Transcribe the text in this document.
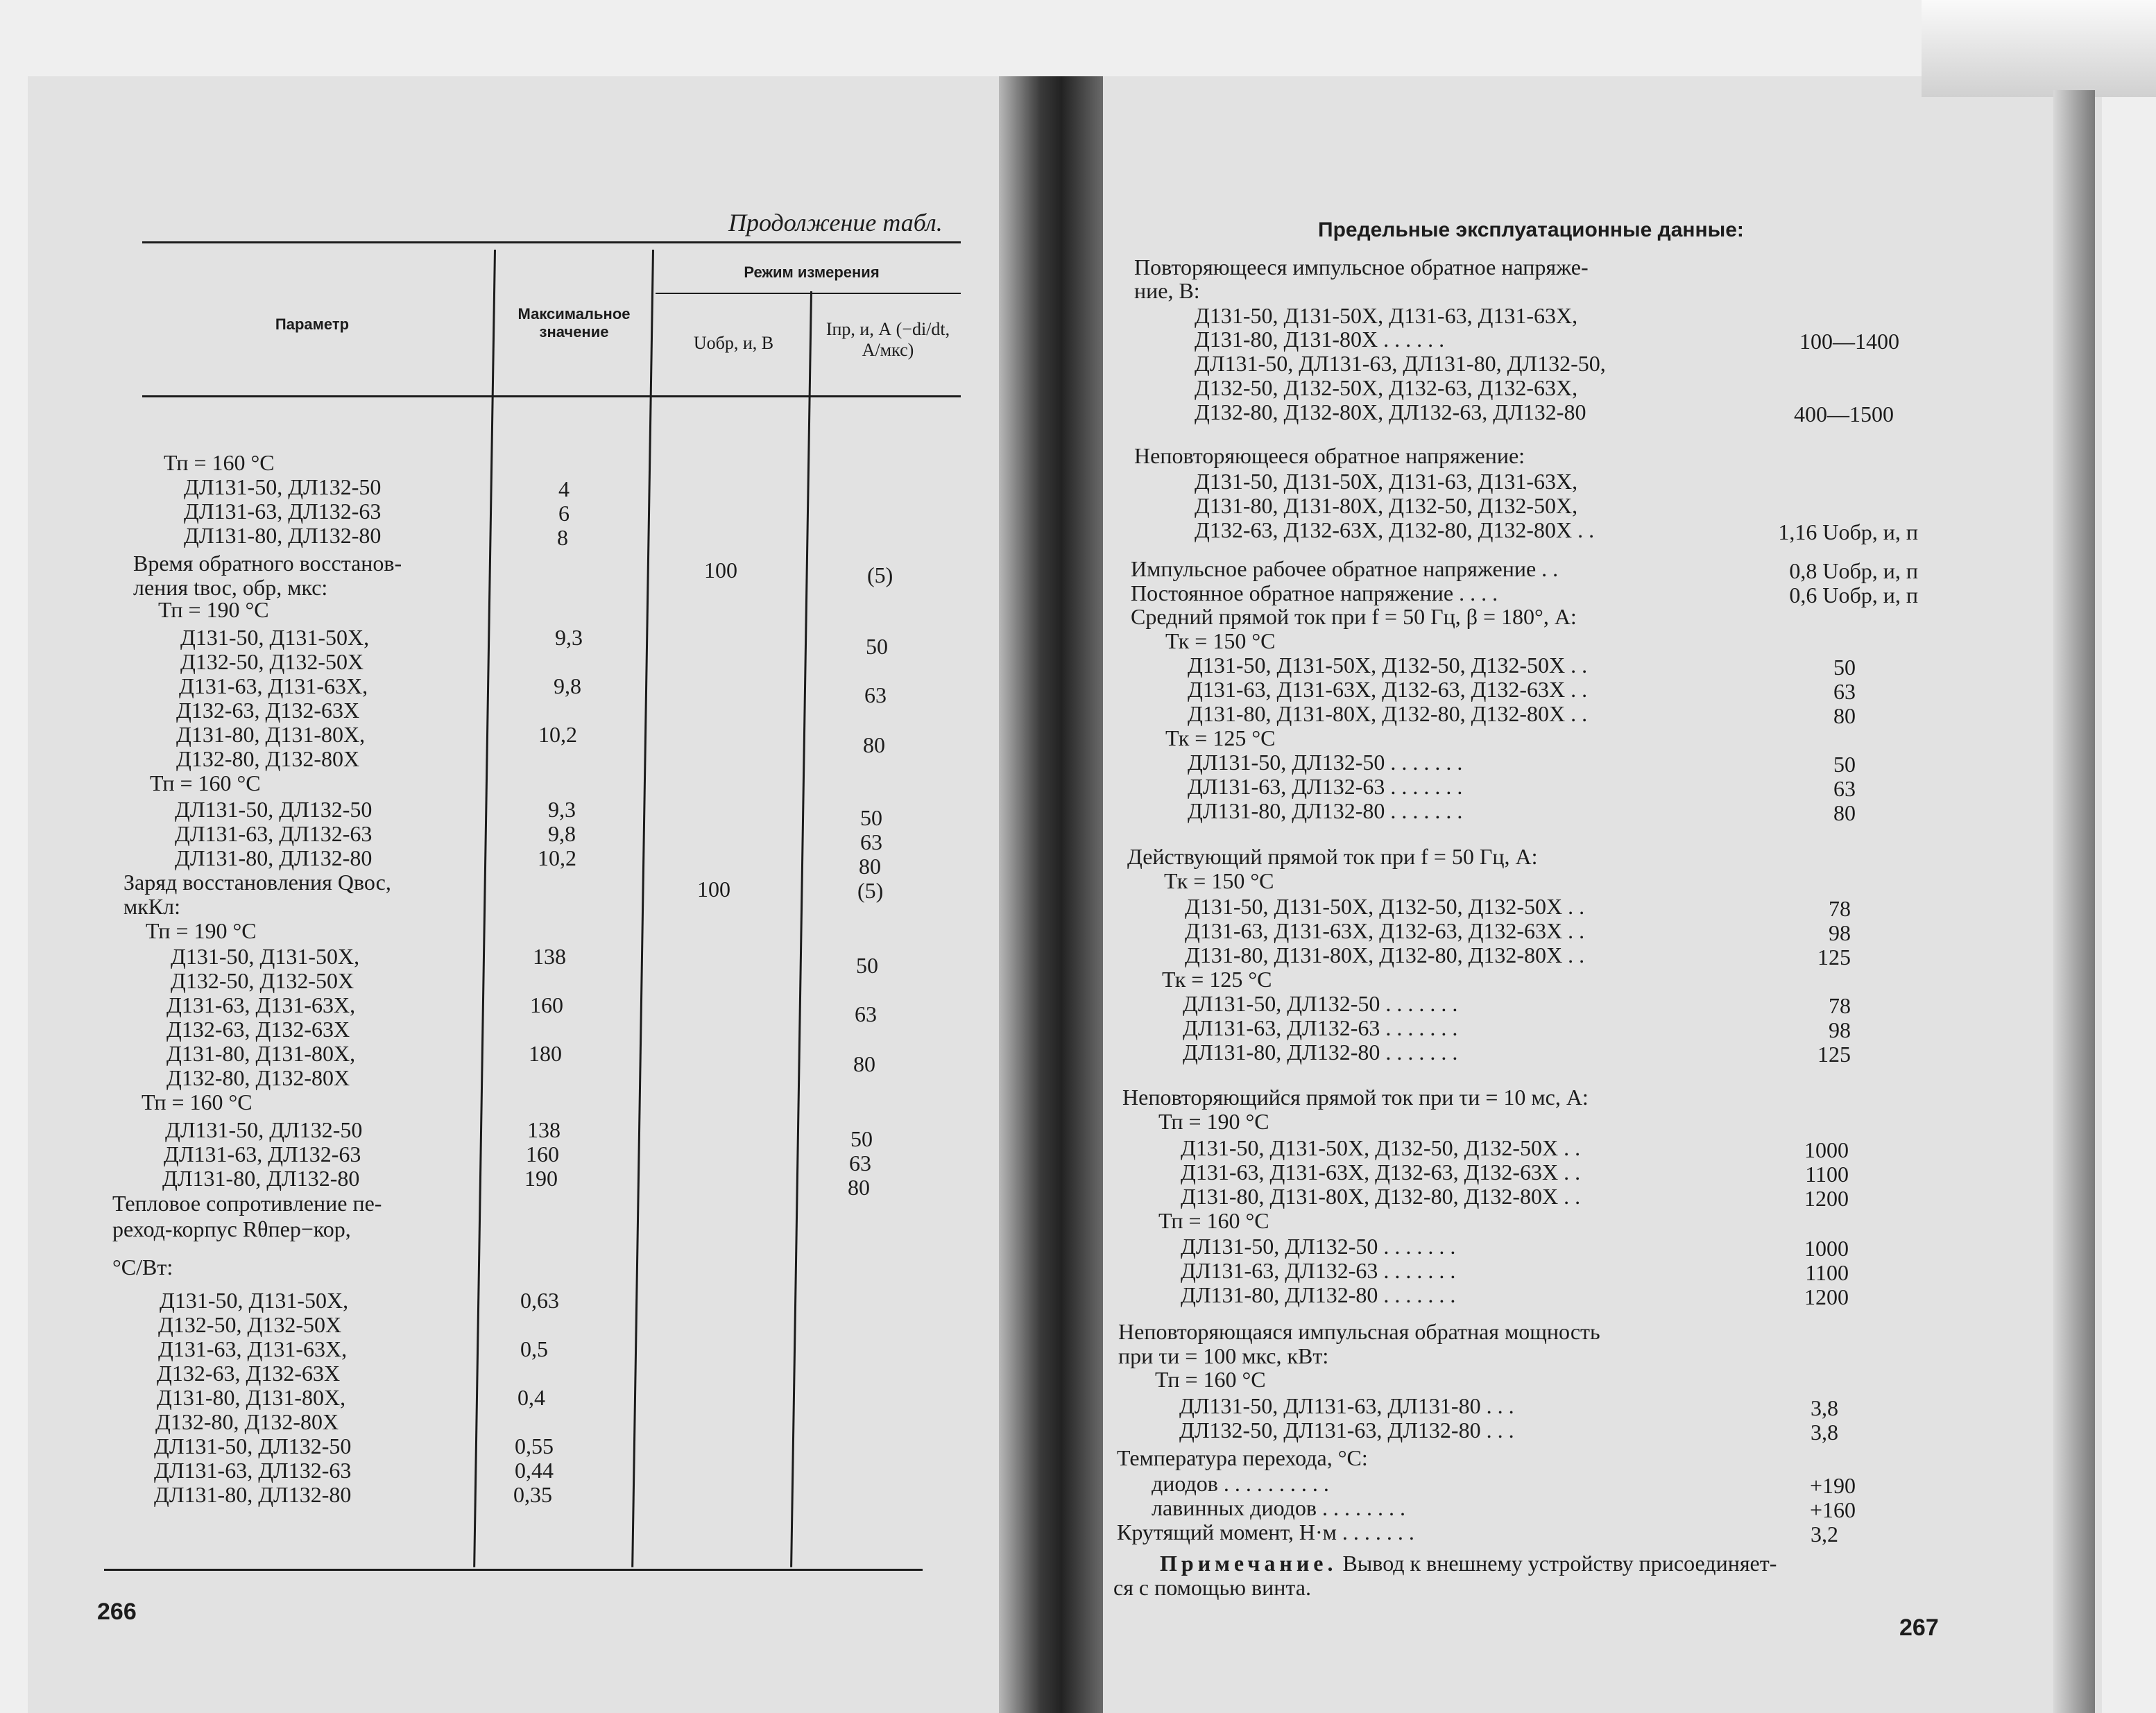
Продолжение табл.
Параметр
Максимальное значение
Режим измерения
Uобр, и, В
Iпр, и, А (−di/dt, А/мкс)
Тп = 160 °С
ДЛ131-50, ДЛ132-50
ДЛ131-63, ДЛ132-63
ДЛ131-80, ДЛ132-80
Время обратного восстанов-
ления tвос, обр, мкс:
Тп = 190 °С
Д131-50, Д131-50Х,
Д132-50, Д132-50Х
Д131-63, Д131-63Х,
Д132-63, Д132-63Х
Д131-80, Д131-80Х,
Д132-80, Д132-80Х
Тп = 160 °С
ДЛ131-50, ДЛ132-50
ДЛ131-63, ДЛ132-63
ДЛ131-80, ДЛ132-80
Заряд восстановления Qвос,
мкКл:
Тп = 190 °С
Д131-50, Д131-50Х,
Д132-50, Д132-50Х
Д131-63, Д131-63Х,
Д132-63, Д132-63Х
Д131-80, Д131-80Х,
Д132-80, Д132-80Х
Тп = 160 °С
ДЛ131-50, ДЛ132-50
ДЛ131-63, ДЛ132-63
ДЛ131-80, ДЛ132-80
Тепловое сопротивление пе-
реход-корпус Rθпер−кор,
°С/Вт:
Д131-50, Д131-50Х,
Д132-50, Д132-50Х
Д131-63, Д131-63Х,
Д132-63, Д132-63Х
Д131-80, Д131-80Х,
Д132-80, Д132-80Х
ДЛ131-50, ДЛ132-50
ДЛ131-63, ДЛ132-63
ДЛ131-80, ДЛ132-80
4
6
8
9,3
9,8
10,2
9,3
9,8
10,2
138
160
180
138
160
190
0,63
0,5
0,4
0,55
0,44
0,35
100
100
(5)
50
63
80
50
63
80
(5)
50
63
80
50
63
80
266
Предельные эксплуатационные данные:
Повторяющееся импульсное обратное напряже-
ние, В:
Д131-50, Д131-50Х, Д131-63, Д131-63Х,
Д131-80, Д131-80Х . . . . . .
ДЛ131-50, ДЛ131-63, ДЛ131-80, ДЛ132-50,
Д132-50, Д132-50Х, Д132-63, Д132-63Х,
Д132-80, Д132-80Х, ДЛ132-63, ДЛ132-80
Неповторяющееся обратное напряжение:
Д131-50, Д131-50Х, Д131-63, Д131-63Х,
Д131-80, Д131-80Х, Д132-50, Д132-50Х,
Д132-63, Д132-63Х, Д132-80, Д132-80Х . .
Импульсное рабочее обратное напряжение . .
Постоянное обратное напряжение . . . .
Средний прямой ток при f = 50 Гц, β = 180°, А:
Тк = 150 °С
Д131-50, Д131-50Х, Д132-50, Д132-50Х . .
Д131-63, Д131-63Х, Д132-63, Д132-63Х . .
Д131-80, Д131-80Х, Д132-80, Д132-80Х . .
Тк = 125 °С
ДЛ131-50, ДЛ132-50 . . . . . . .
ДЛ131-63, ДЛ132-63 . . . . . . .
ДЛ131-80, ДЛ132-80 . . . . . . .
Действующий прямой ток при f = 50 Гц, А:
Тк = 150 °С
Д131-50, Д131-50Х, Д132-50, Д132-50Х . .
Д131-63, Д131-63Х, Д132-63, Д132-63Х . .
Д131-80, Д131-80Х, Д132-80, Д132-80Х . .
Тк = 125 °С
ДЛ131-50, ДЛ132-50 . . . . . . .
ДЛ131-63, ДЛ132-63 . . . . . . .
ДЛ131-80, ДЛ132-80 . . . . . . .
Неповторяющийся прямой ток при τи = 10 мс, А:
Тп = 190 °С
Д131-50, Д131-50Х, Д132-50, Д132-50Х . .
Д131-63, Д131-63Х, Д132-63, Д132-63Х . .
Д131-80, Д131-80Х, Д132-80, Д132-80Х . .
Тп = 160 °С
ДЛ131-50, ДЛ132-50 . . . . . . .
ДЛ131-63, ДЛ132-63 . . . . . . .
ДЛ131-80, ДЛ132-80 . . . . . . .
Неповторяющаяся импульсная обратная мощность
при τи = 100 мкс, кВт:
Тп = 160 °С
ДЛ131-50, ДЛ131-63, ДЛ131-80 . . .
ДЛ132-50, ДЛ131-63, ДЛ132-80 . . .
Температура перехода, °С:
диодов . . . . . . . . . .
лавинных диодов . . . . . . . .
Крутящий момент, Н·м . . . . . . .
100—1400
400—1500
1,16 Uобр, и, п
0,8 Uобр, и, п
0,6 Uобр, и, п
50
63
80
50
63
80
78
98
125
78
98
125
1000
1100
1200
1000
1100
1200
3,8
3,8
+190
+160
3,2
Примечание. Вывод к внешнему устройству присоединяет-
ся с помощью винта.
267
